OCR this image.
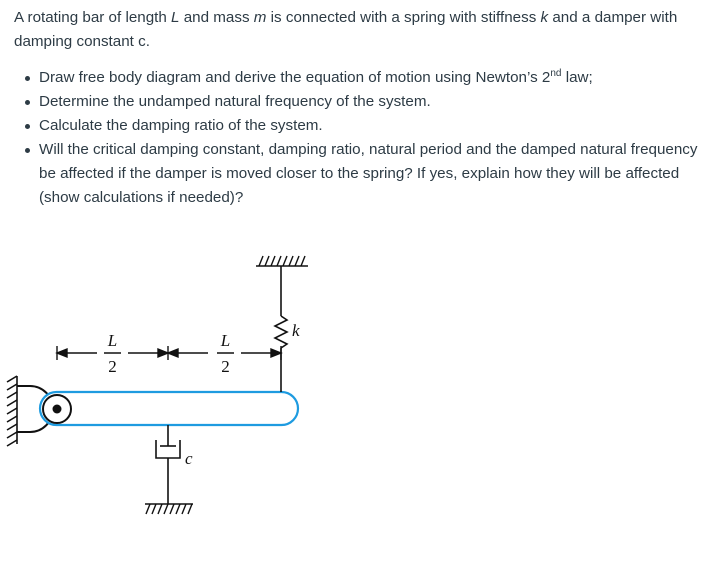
A rotating bar of length L and mass m is connected with a spring with stiffness k and a damper with damping constant c.

Draw free body diagram and derive the equation of motion using Newton’s 2nd law;
Determine the undamped natural frequency of the system.
Calculate the damping ratio of the system.
Will the critical damping constant, damping ratio, natural period and the damped natural frequency be affected if the damper is moved closer to the spring? If yes, explain how they will be affected (show calculations if needed)?
L
2
L
2
k
c
